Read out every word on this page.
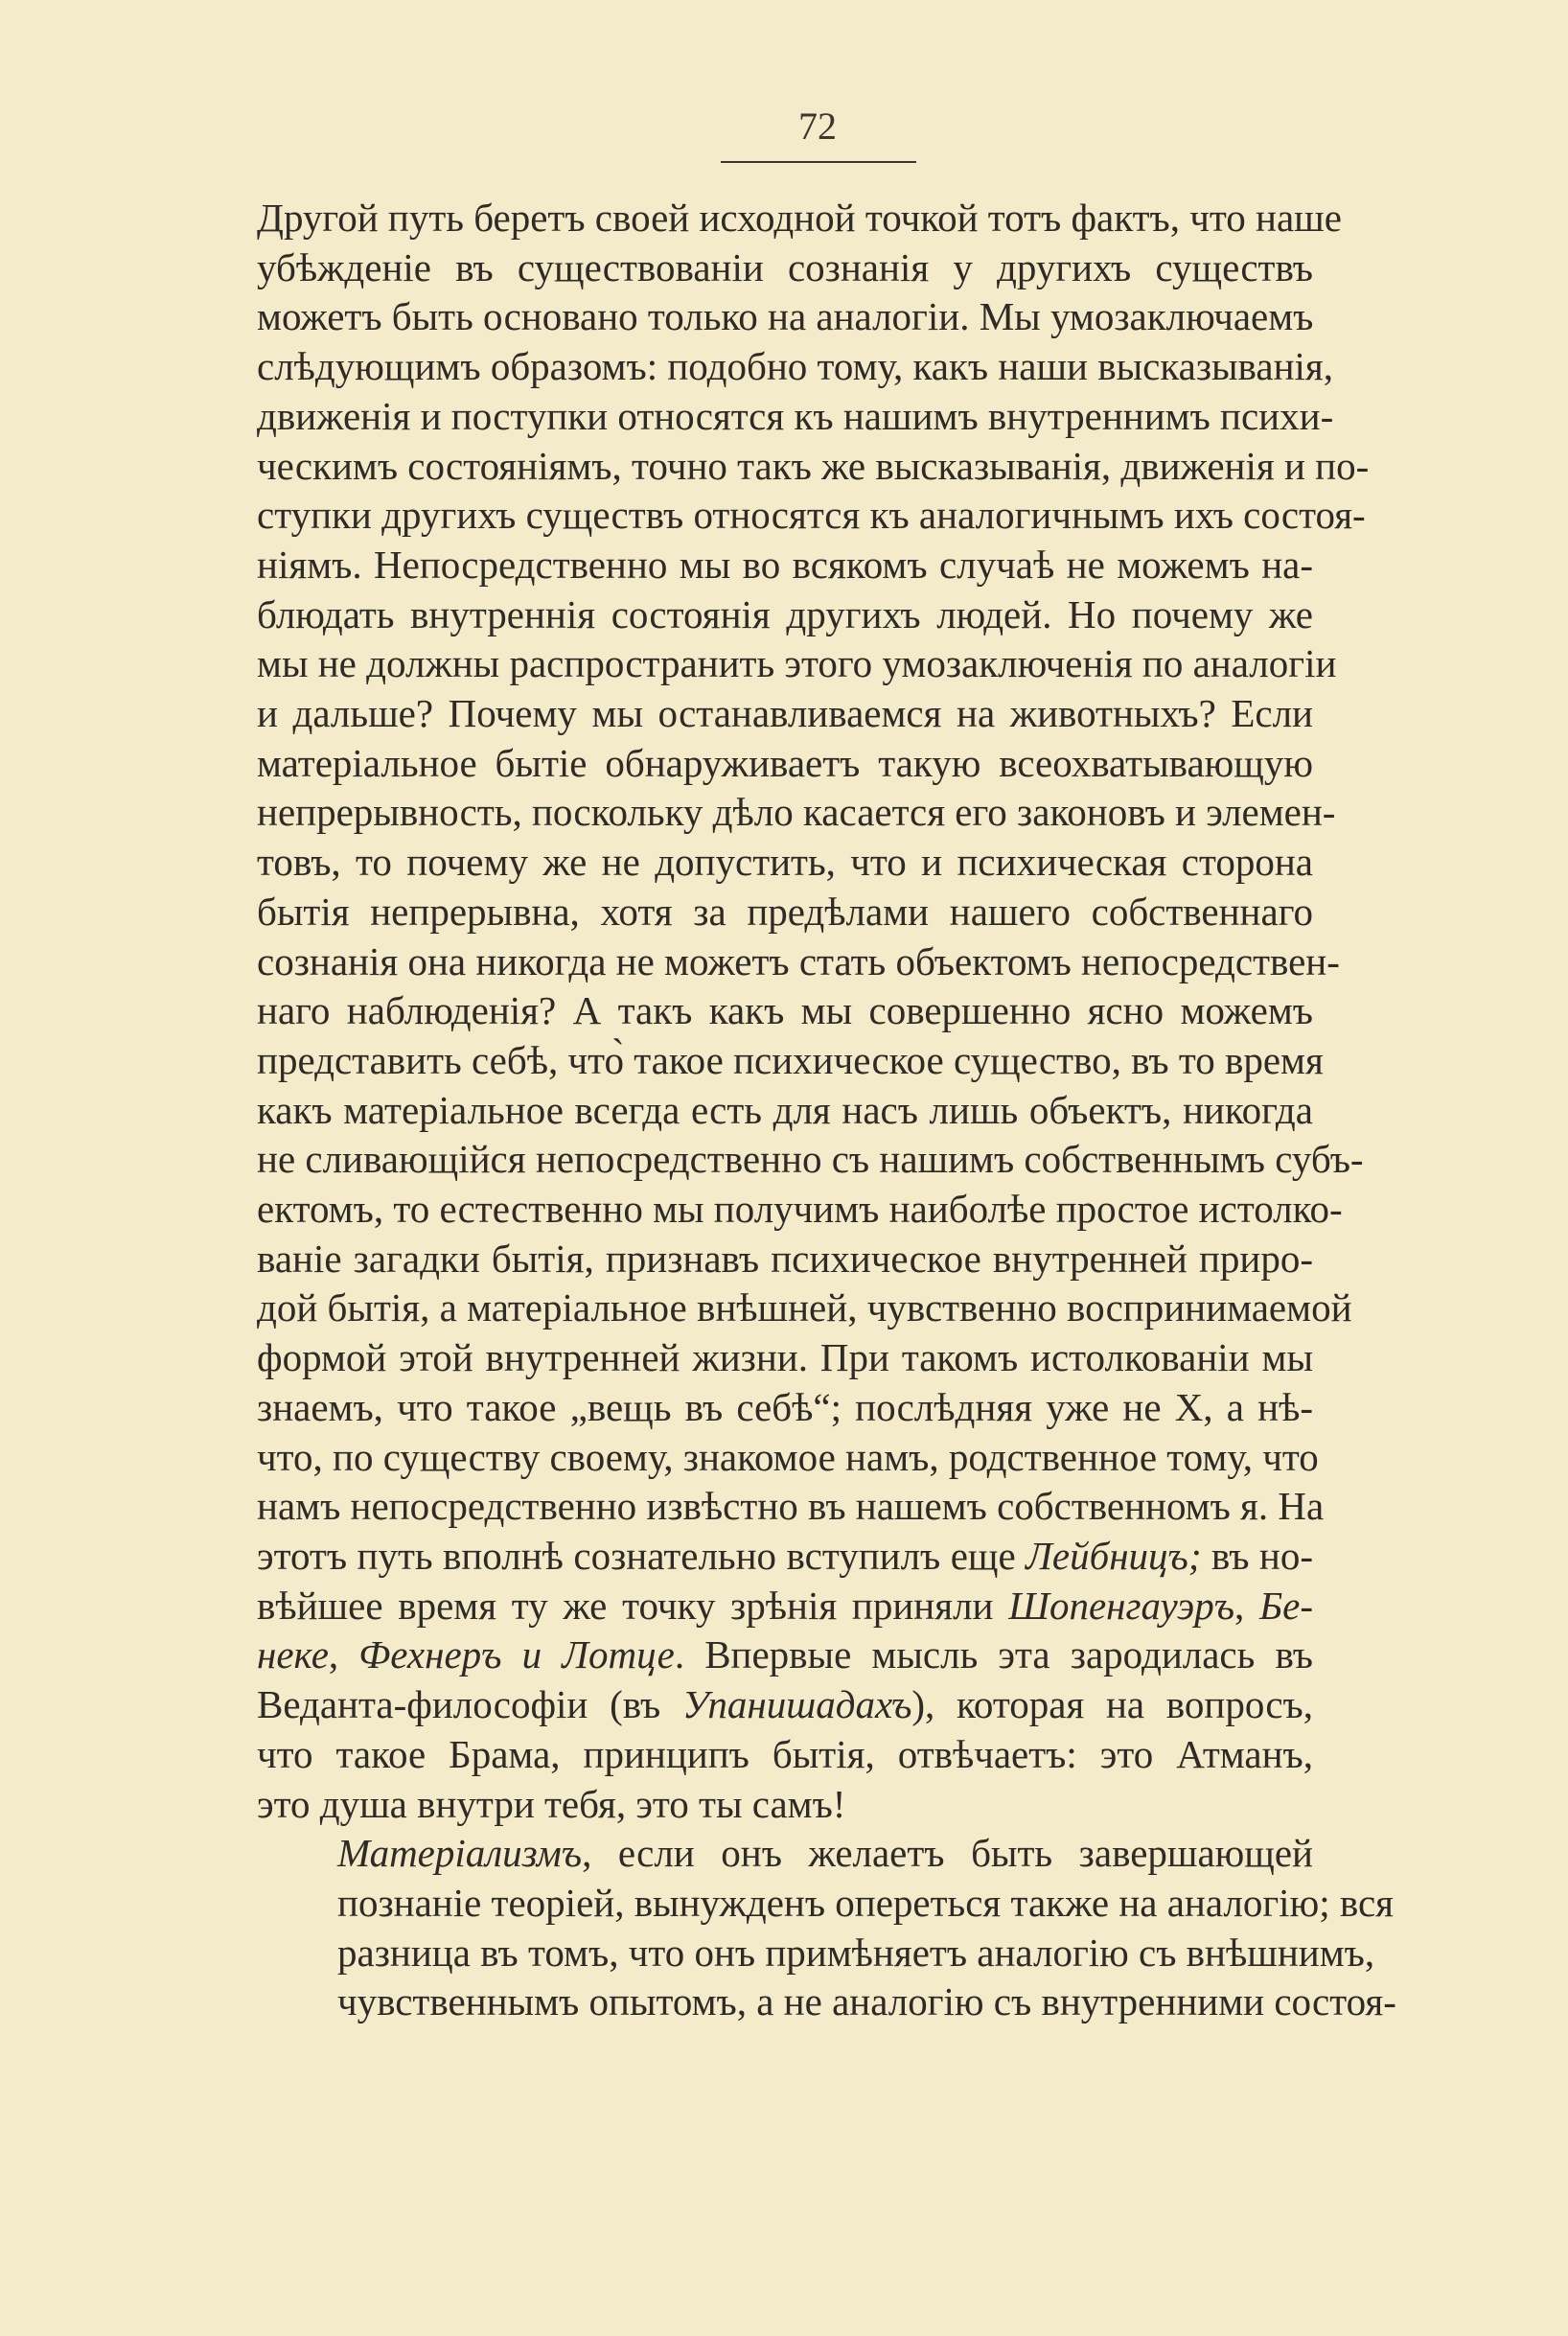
72
Другой путь беретъ своей исходной точкой тотъ фактъ, что наше
убѣжденіе въ существованіи сознанія у другихъ существъ
можетъ быть основано только на аналогіи. Мы умозаключаемъ
слѣдующимъ образомъ: подобно тому, какъ наши высказыванія,
движенія и поступки относятся къ нашимъ внутреннимъ психи-
ческимъ состояніямъ, точно такъ же высказыванія, движенія и по-
ступки другихъ существъ относятся къ аналогичнымъ ихъ состоя-
ніямъ. Непосредственно мы во всякомъ случаѣ не можемъ на-
блюдать внутреннія состоянія другихъ людей. Но почему же
мы не должны распространить этого умозаключенія по аналогіи
и дальше? Почему мы останавливаемся на животныхъ? Если
матеріальное бытіе обнаруживаетъ такую всеохватывающую
непрерывность, поскольку дѣло касается его законовъ и элемен-
товъ, то почему же не допустить, что и психическая сторона
бытія непрерывна, хотя за предѣлами нашего собственнаго
сознанія она никогда не можетъ стать объектомъ непосредствен-
наго наблюденія? А такъ какъ мы совершенно ясно можемъ
представить себѣ, что̀ такое психическое существо, въ то время
какъ матеріальное всегда есть для насъ лишь объектъ, никогда
не сливающійся непосредственно съ нашимъ собственнымъ субъ-
ектомъ, то естественно мы получимъ наиболѣе простое истолко-
ваніе загадки бытія, признавъ психическое внутренней приро-
дой бытія, а матеріальное внѣшней, чувственно воспринимаемой
формой этой внутренней жизни. При такомъ истолкованіи мы
знаемъ, что такое „вещь въ себѣ“; послѣдняя уже не X, а нѣ-
что, по существу своему, знакомое намъ, родственное тому, что
намъ непосредственно извѣстно въ нашемъ собственномъ я. На
этотъ путь вполнѣ сознательно вступилъ еще Лейбницъ; въ но-
вѣйшее время ту же точку зрѣнія приняли Шопенгауэръ, Бе-
неке, Фехнеръ и Лотце. Впервые мысль эта зародилась въ
Веданта-философіи (въ Упанишадахъ), которая на вопросъ,
что такое Брама, принципъ бытія, отвѣчаетъ: это Атманъ,
это душа внутри тебя, это ты самъ!
Матеріализмъ, если онъ желаетъ быть завершающей
познаніе теоріей, вынужденъ опереться также на аналогію; вся
разница въ томъ, что онъ примѣняетъ аналогію съ внѣшнимъ,
чувственнымъ опытомъ, а не аналогію съ внутренними состоя-
